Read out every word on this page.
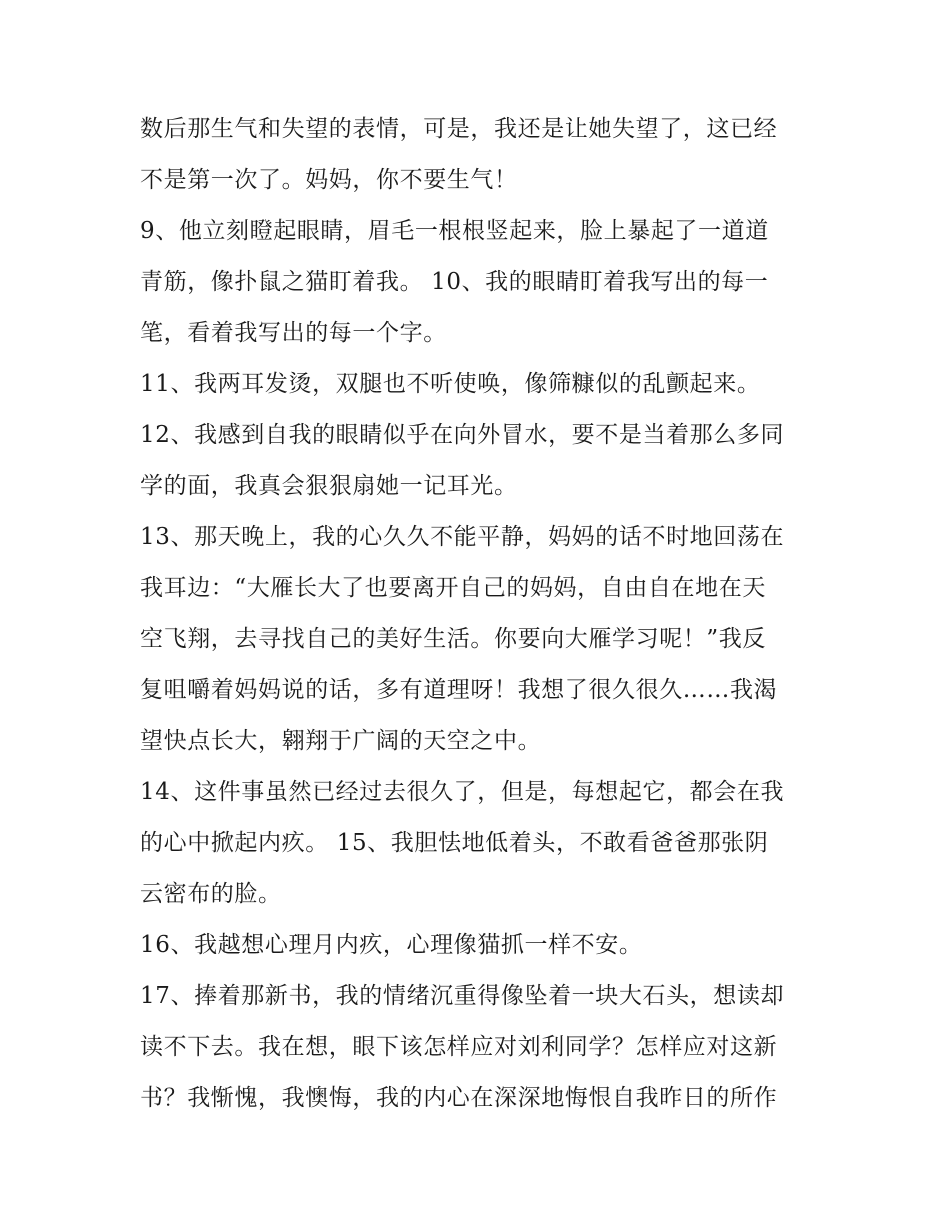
数后那生气和失望的表情，可是，我还是让她失望了，这已经
不是第一次了。妈妈，你不要生气！
9、他立刻瞪起眼睛，眉毛一根根竖起来，脸上暴起了一道道
青筋，像扑鼠之猫盯着我。 10、我的眼睛盯着我写出的每一
笔，看着我写出的每一个字。
11、我两耳发烫，双腿也不听使唤，像筛糠似的乱颤起来。
12、我感到自我的眼睛似乎在向外冒水，要不是当着那么多同
学的面，我真会狠狠扇她一记耳光。
13、那天晚上，我的心久久不能平静，妈妈的话不时地回荡在
我耳边：“大雁长大了也要离开自己的妈妈，自由自在地在天
空飞翔，去寻找自己的美好生活。你要向大雁学习呢！”我反
复咀嚼着妈妈说的话，多有道理呀！我想了很久很久……我渴
望快点长大，翱翔于广阔的天空之中。
14、这件事虽然已经过去很久了，但是，每想起它，都会在我
的心中掀起内疚。 15、我胆怯地低着头，不敢看爸爸那张阴
云密布的脸。
16、我越想心理月内疚，心理像猫抓一样不安。
17、捧着那新书，我的情绪沉重得像坠着一块大石头，想读却
读不下去。我在想，眼下该怎样应对刘利同学？怎样应对这新
书？我惭愧，我懊悔，我的内心在深深地悔恨自我昨日的所作
